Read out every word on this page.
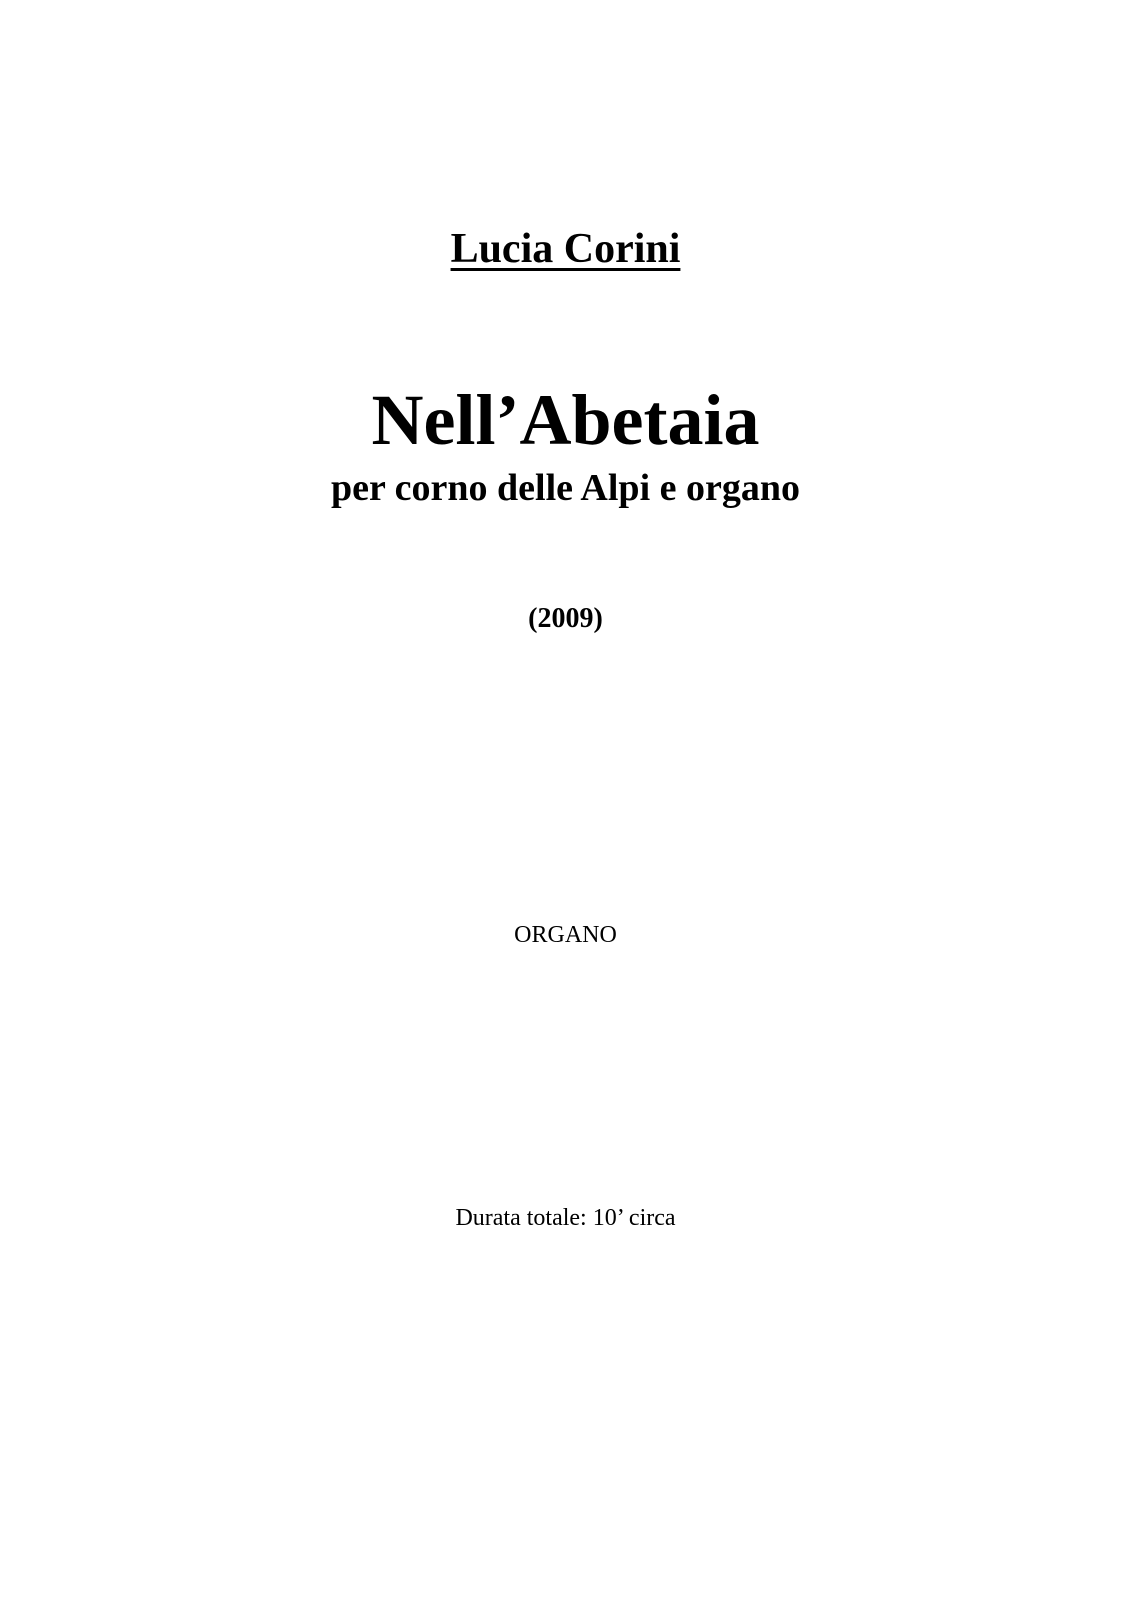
Lucia Corini
Nell’Abetaia
per corno delle Alpi e organo
(2009)
ORGANO
Durata totale: 10’ circa
